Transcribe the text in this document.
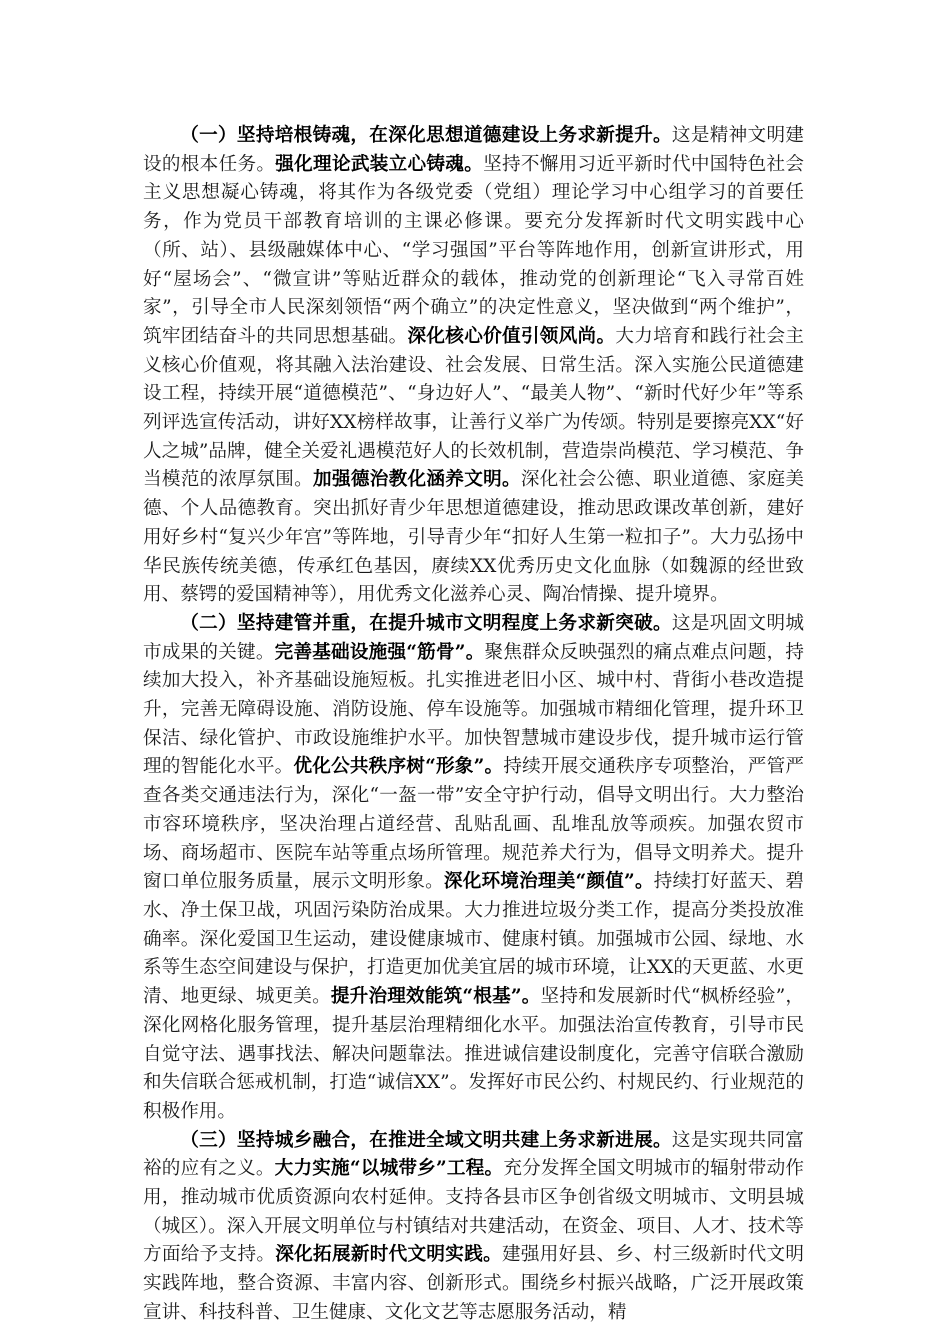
（一）坚持培根铸魂，在深化思想道德建设上务求新提升。这是精神文明建设的根本任务。强化理论武装立心铸魂。坚持不懈用习近平新时代中国特色社会主义思想凝心铸魂，将其作为各级党委（党组）理论学习中心组学习的首要任务，作为党员干部教育培训的主课必修课。要充分发挥新时代文明实践中心（所、站）、县级融媒体中心、“学习强国”平台等阵地作用，创新宣讲形式，用好“屋场会”、“微宣讲”等贴近群众的载体，推动党的创新理论“飞入寻常百姓家”，引导全市人民深刻领悟“两个确立”的决定性意义，坚决做到“两个维护”，筑牢团结奋斗的共同思想基础。深化核心价值引领风尚。大力培育和践行社会主义核心价值观，将其融入法治建设、社会发展、日常生活。深入实施公民道德建设工程，持续开展“道德模范”、“身边好人”、“最美人物”、“新时代好少年”等系列评选宣传活动，讲好XX榜样故事，让善行义举广为传颂。特别是要擦亮XX“好人之城”品牌，健全关爱礼遇模范好人的长效机制，营造崇尚模范、学习模范、争当模范的浓厚氛围。加强德治教化涵养文明。深化社会公德、职业道德、家庭美德、个人品德教育。突出抓好青少年思想道德建设，推动思政课改革创新，建好用好乡村“复兴少年宫”等阵地，引导青少年“扣好人生第一粒扣子”。大力弘扬中华民族传统美德，传承红色基因，赓续XX优秀历史文化血脉（如魏源的经世致用、蔡锷的爱国精神等），用优秀文化滋养心灵、陶冶情操、提升境界。

（二）坚持建管并重，在提升城市文明程度上务求新突破。这是巩固文明城市成果的关键。完善基础设施强“筋骨”。聚焦群众反映强烈的痛点难点问题，持续加大投入，补齐基础设施短板。扎实推进老旧小区、城中村、背街小巷改造提升，完善无障碍设施、消防设施、停车设施等。加强城市精细化管理，提升环卫保洁、绿化管护、市政设施维护水平。加快智慧城市建设步伐，提升城市运行管理的智能化水平。优化公共秩序树“形象”。持续开展交通秩序专项整治，严管严查各类交通违法行为，深化“一盔一带”安全守护行动，倡导文明出行。大力整治市容环境秩序，坚决治理占道经营、乱贴乱画、乱堆乱放等顽疾。加强农贸市场、商场超市、医院车站等重点场所管理。规范养犬行为，倡导文明养犬。提升窗口单位服务质量，展示文明形象。深化环境治理美“颜值”。持续打好蓝天、碧水、净土保卫战，巩固污染防治成果。大力推进垃圾分类工作，提高分类投放准确率。深化爱国卫生运动，建设健康城市、健康村镇。加强城市公园、绿地、水系等生态空间建设与保护，打造更加优美宜居的城市环境，让XX的天更蓝、水更清、地更绿、城更美。提升治理效能筑“根基”。坚持和发展新时代“枫桥经验”，深化网格化服务管理，提升基层治理精细化水平。加强法治宣传教育，引导市民自觉守法、遇事找法、解决问题靠法。推进诚信建设制度化，完善守信联合激励和失信联合惩戒机制，打造“诚信XX”。发挥好市民公约、村规民约、行业规范的积极作用。

（三）坚持城乡融合，在推进全域文明共建上务求新进展。这是实现共同富裕的应有之义。大力实施“以城带乡”工程。充分发挥全国文明城市的辐射带动作用，推动城市优质资源向农村延伸。支持各县市区争创省级文明城市、文明县城（城区）。深入开展文明单位与村镇结对共建活动，在资金、项目、人才、技术等方面给予支持。深化拓展新时代文明实践。建强用好县、乡、村三级新时代文明实践阵地，整合资源、丰富内容、创新形式。围绕乡村振兴战略，广泛开展政策宣讲、科技科普、卫生健康、文化文艺等志愿服务活动，精
